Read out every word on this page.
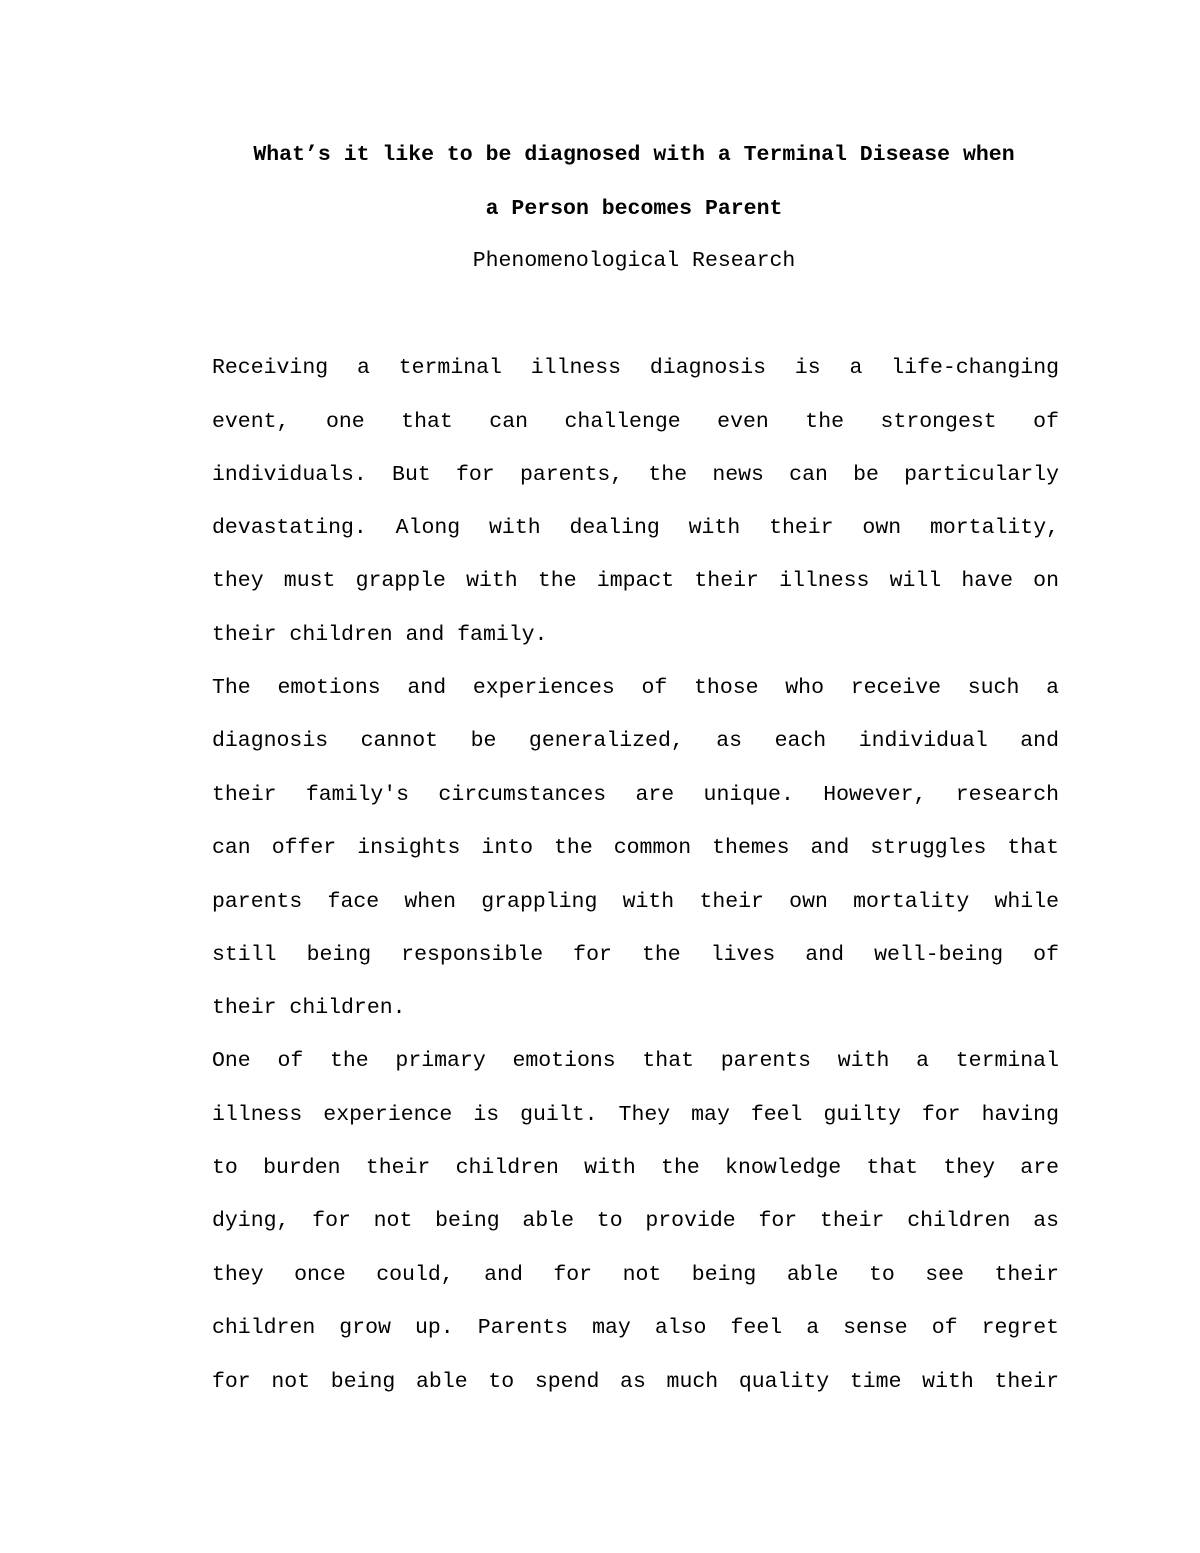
What’s it like to be diagnosed with a Terminal Disease when
a Person becomes Parent
Phenomenological Research
Receiving a terminal illness diagnosis is a life-changing
event, one that can challenge even the strongest of
individuals. But for parents, the news can be particularly
devastating. Along with dealing with their own mortality,
they must grapple with the impact their illness will have on
their children and family.
The emotions and experiences of those who receive such a
diagnosis cannot be generalized, as each individual and
their family's circumstances are unique. However, research
can offer insights into the common themes and struggles that
parents face when grappling with their own mortality while
still being responsible for the lives and well-being of
their children.
One of the primary emotions that parents with a terminal
illness experience is guilt. They may feel guilty for having
to burden their children with the knowledge that they are
dying, for not being able to provide for their children as
they once could, and for not being able to see their
children grow up. Parents may also feel a sense of regret
for not being able to spend as much quality time with their
